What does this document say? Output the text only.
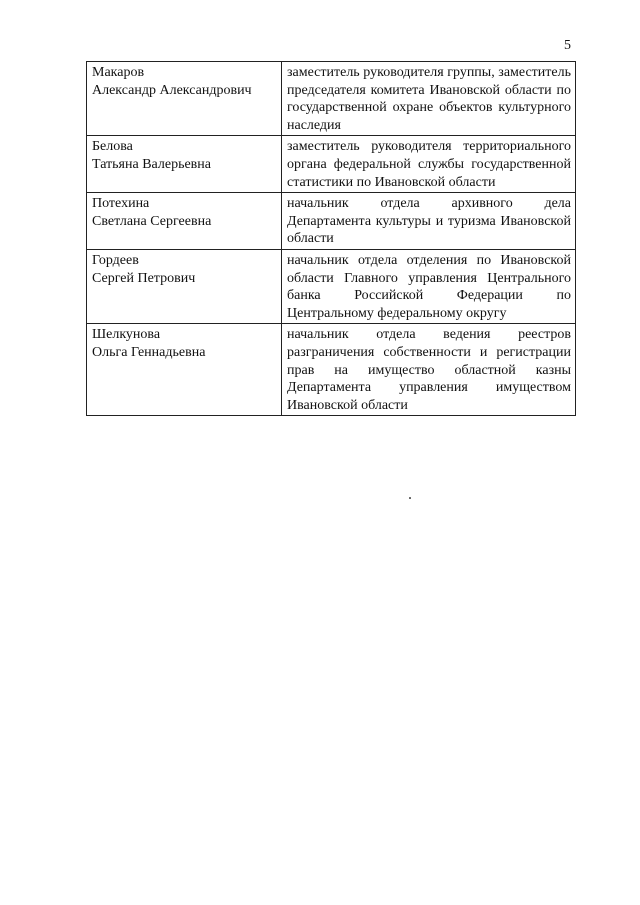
5
Макаров
Александр Александрович	заместитель руководителя группы, заместитель председателя комитета Ивановской области по государственной охране объектов культурного наследия

Белова
Татьяна Валерьевна	заместитель руководителя территориального органа федеральной службы государственной статистики по Ивановской области

Потехина
Светлана Сергеевна	начальник отдела архивного дела Департамента культуры и туризма Ивановской области

Гордеев
Сергей Петрович	начальник отдела отделения по Ивановской области Главного управления Центрального банка Российской Федерации по Центральному федеральному округу

Шелкунова
Ольга Геннадьевна	начальник отдела ведения реестров разграничения собственности и регистрации прав на имущество областной казны Департамента управления имуществом Ивановской области
